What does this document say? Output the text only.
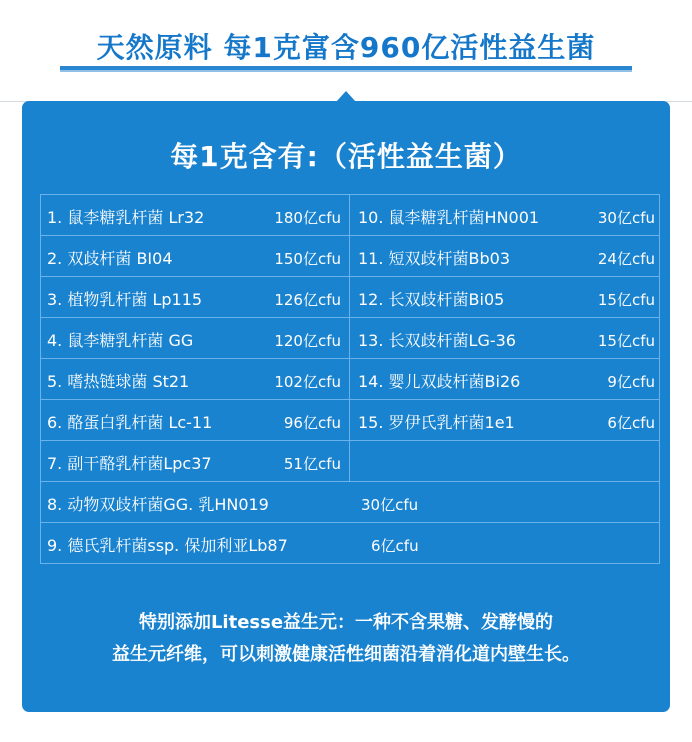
天然原料 每1克富含960亿活性益生菌
每1克含有:（活性益生菌）
1. 鼠李糖乳杆菌 Lr32	180亿cfu 10. 鼠李糖乳杆菌HN001	30亿cfu
2. 双歧杆菌 BI04	150亿cfu 11. 短双歧杆菌Bb03	24亿cfu
3. 植物乳杆菌 Lp115	126亿cfu 12. 长双歧杆菌Bi05	15亿cfu
4. 鼠李糖乳杆菌 GG	120亿cfu 13. 长双歧杆菌LG-36	15亿cfu
5. 嗜热链球菌 St21	102亿cfu 14. 婴儿双歧杆菌Bi26	9亿cfu
6. 酪蛋白乳杆菌 Lc-11	96亿cfu 15. 罗伊氏乳杆菌1e1	6亿cfu
7. 副干酪乳杆菌Lpc37	51亿cfu
8. 动物双歧杆菌GG. 乳HN019	30亿cfu
9. 德氏乳杆菌ssp. 保加利亚Lb87	6亿cfu
特别添加Litesse益生元：一种不含果糖、发酵慢的
益生元纤维，可以刺激健康活性细菌沿着消化道内壁生长。
